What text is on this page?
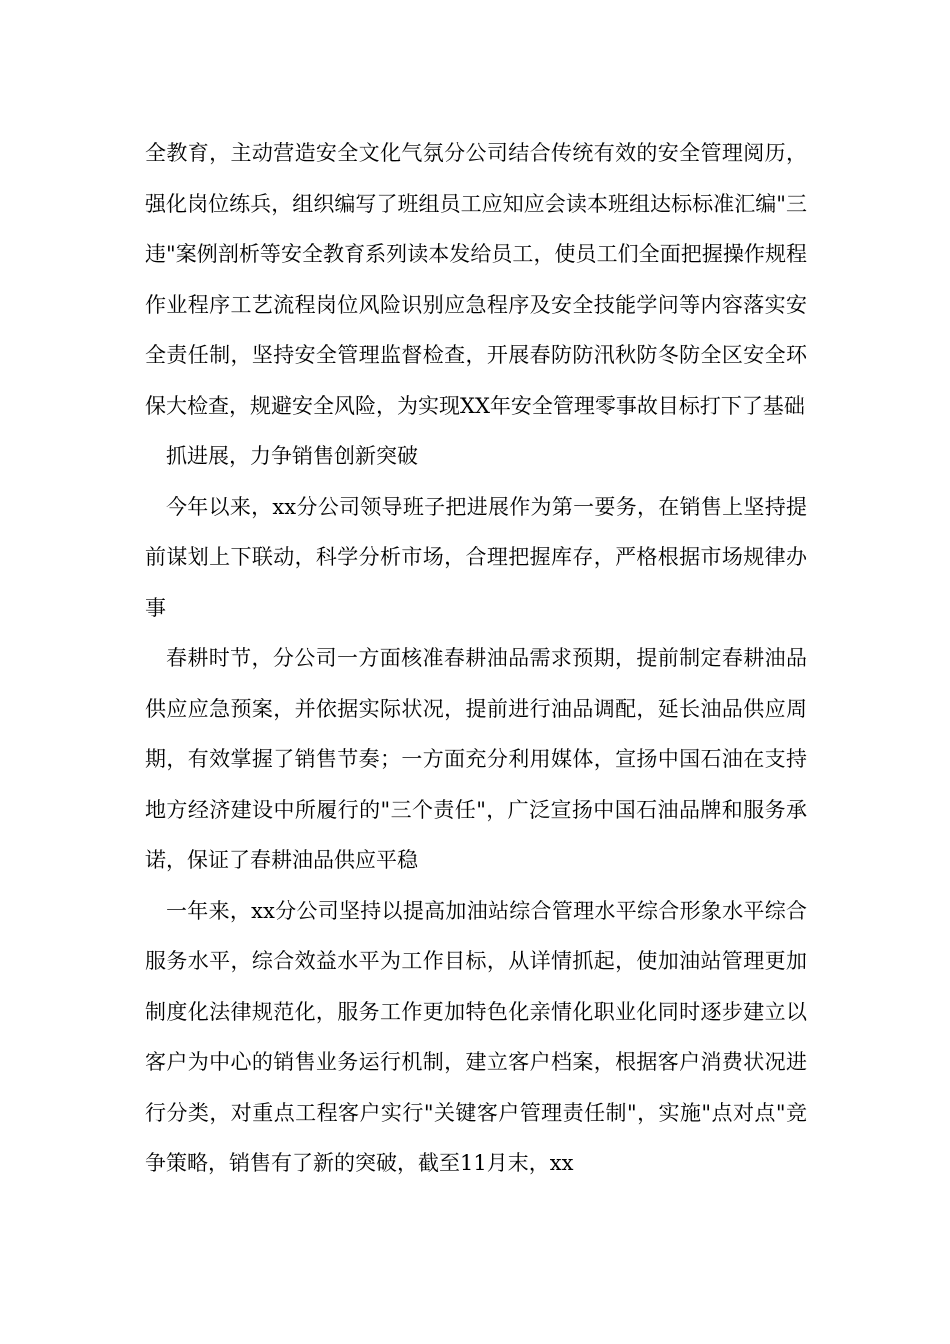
全教育，主动营造安全文化气氛分公司结合传统有效的安全管理阅历，强化岗位练兵，组织编写了班组员工应知应会读本班组达标标准汇编"三违"案例剖析等安全教育系列读本发给员工，使员工们全面把握操作规程作业程序工艺流程岗位风险识别应急程序及安全技能学问等内容落实安全责任制，坚持安全管理监督检查，开展春防防汛秋防冬防全区安全环保大检查，规避安全风险，为实现XX年安全管理零事故目标打下了基础

抓进展，力争销售创新突破

今年以来，xx分公司领导班子把进展作为第一要务，在销售上坚持提前谋划上下联动，科学分析市场，合理把握库存，严格根据市场规律办事

春耕时节，分公司一方面核准春耕油品需求预期，提前制定春耕油品供应应急预案，并依据实际状况，提前进行油品调配，延长油品供应周期，有效掌握了销售节奏；一方面充分利用媒体，宣扬中国石油在支持地方经济建设中所履行的"三个责任"，广泛宣扬中国石油品牌和服务承诺，保证了春耕油品供应平稳

一年来，xx分公司坚持以提高加油站综合管理水平综合形象水平综合服务水平，综合效益水平为工作目标，从详情抓起，使加油站管理更加制度化法律规范化，服务工作更加特色化亲情化职业化同时逐步建立以客户为中心的销售业务运行机制，建立客户档案，根据客户消费状况进行分类，对重点工程客户实行"关键客户管理责任制"，实施"点对点"竞争策略，销售有了新的突破，截至11月末，xx
